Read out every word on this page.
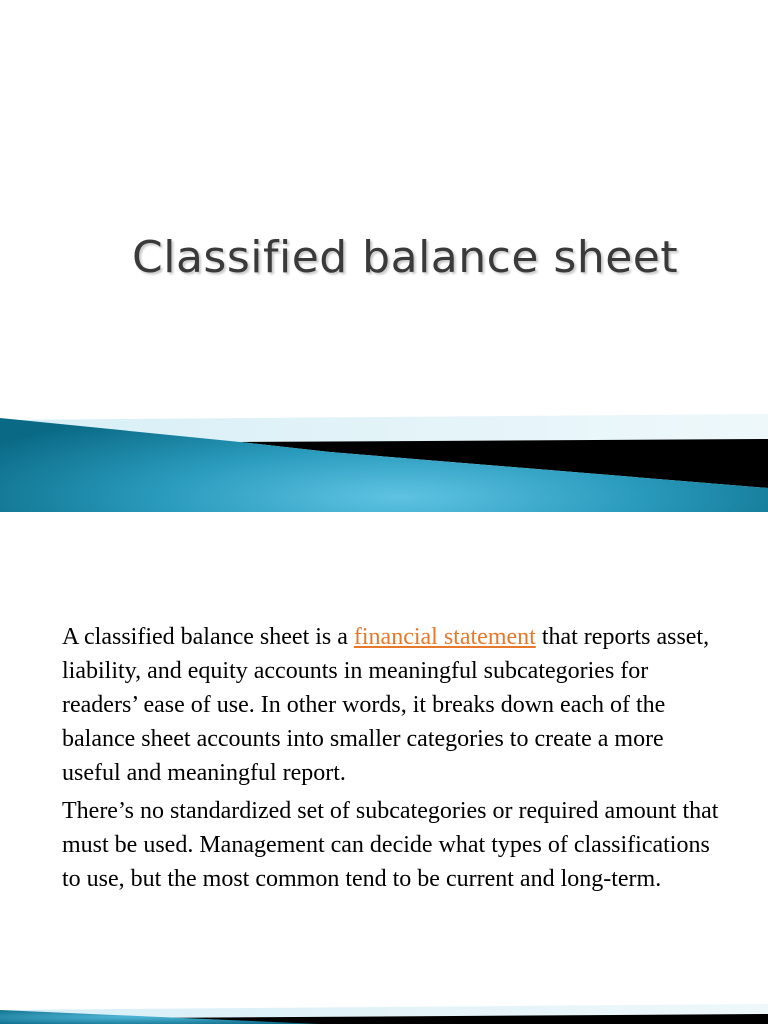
Classified balance sheet

A classified balance sheet is a financial statement that reports asset, liability, and equity accounts in meaningful subcategories for readers’ ease of use. In other words, it breaks down each of the balance sheet accounts into smaller categories to create a more useful and meaningful report.

There’s no standardized set of subcategories or required amount that must be used. Management can decide what types of classifications to use, but the most common tend to be current and long-term.
